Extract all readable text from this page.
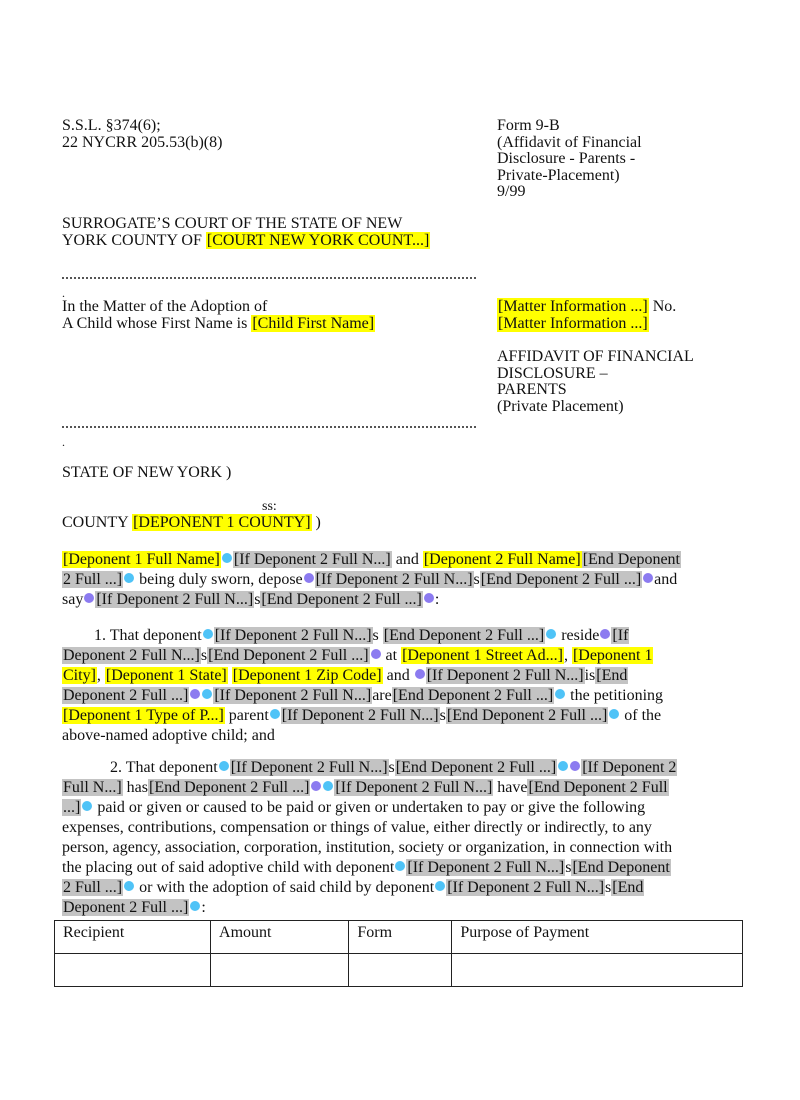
S.S.L. §374(6);
22 NYCRR 205.53(b)(8)
Form 9-B
(Affidavit of Financial
Disclosure - Parents -
Private-Placement)
9/99
SURROGATE’S COURT OF THE STATE OF NEW
YORK COUNTY OF [COURT NEW YORK COUNT...]
.
In the Matter of the Adoption of
A Child whose First Name is [Child First Name]
[Matter Information ...] No.
[Matter Information ...]
AFFIDAVIT OF FINANCIAL
DISCLOSURE –
PARENTS
(Private Placement)
.
STATE OF NEW YORK )
ss:
COUNTY [DEPONENT 1 COUNTY] )
[Deponent 1 Full Name] [If Deponent 2 Full N...] and [Deponent 2 Full Name] [End Deponent
2 Full ...] being duly sworn, depose [If Deponent 2 Full N...]s[End Deponent 2 Full ...] and
say [If Deponent 2 Full N...]s[End Deponent 2 Full ...] :
1. That deponent [If Deponent 2 Full N...]s [End Deponent 2 Full ...] reside [If
Deponent 2 Full N...]s[End Deponent 2 Full ...] at [Deponent 1 Street Ad...], [Deponent 1
City], [Deponent 1 State] [Deponent 1 Zip Code] and [If Deponent 2 Full N...]is[End
Deponent 2 Full ...] [If Deponent 2 Full N...]are[End Deponent 2 Full ...] the petitioning
[Deponent 1 Type of P...] parent [If Deponent 2 Full N...]s[End Deponent 2 Full ...] of the
above-named adoptive child; and
2. That deponent [If Deponent 2 Full N...]s[End Deponent 2 Full ...] [If Deponent 2
Full N...] has[End Deponent 2 Full ...] [If Deponent 2 Full N...] have[End Deponent 2 Full
...] paid or given or caused to be paid or given or undertaken to pay or give the following
expenses, contributions, compensation or things of value, either directly or indirectly, to any
person, agency, association, corporation, institution, society or organization, in connection with
the placing out of said adoptive child with deponent [If Deponent 2 Full N...]s[End Deponent
2 Full ...] or with the adoption of said child by deponent [If Deponent 2 Full N...]s[End
Deponent 2 Full ...] :
Recipient	Amount	Form	Purpose of Payment
